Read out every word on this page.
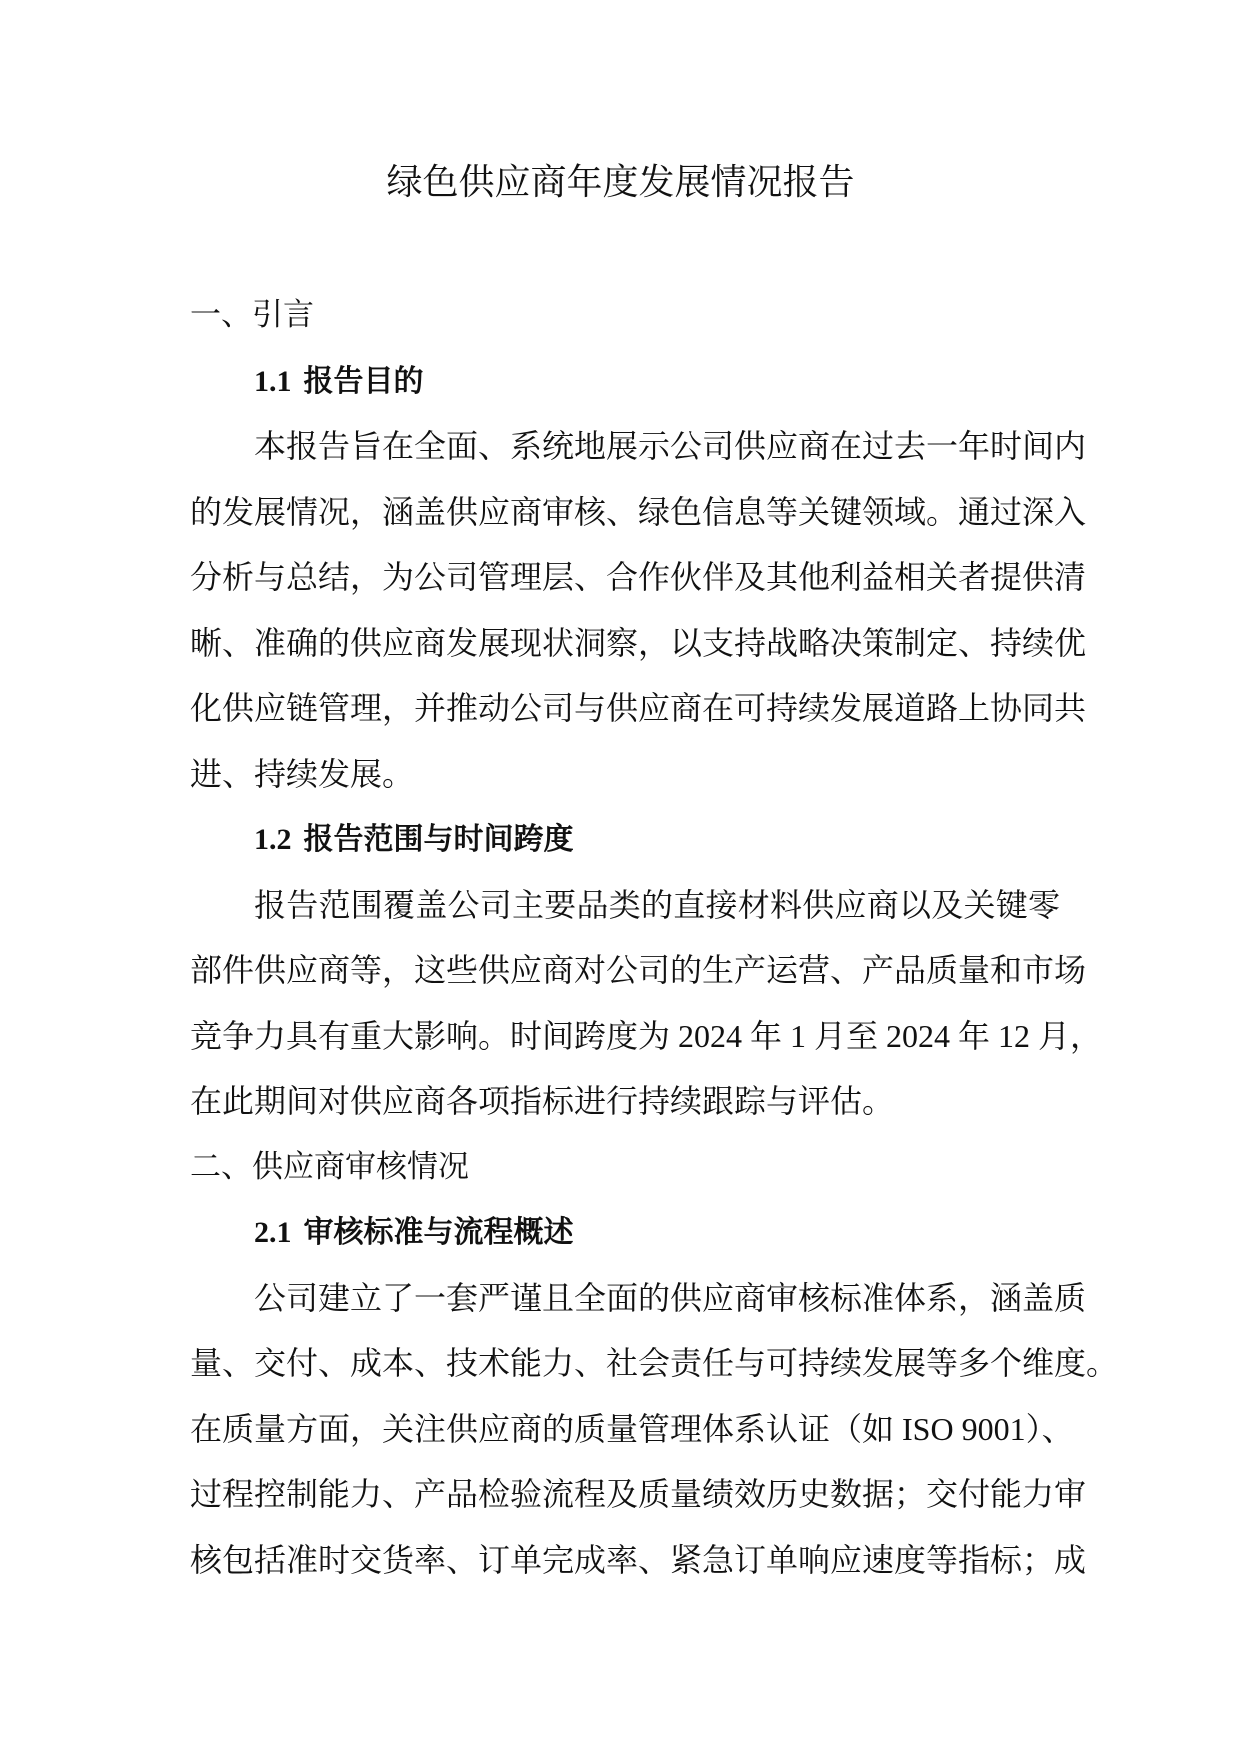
绿色供应商年度发展情况报告
一、引言
1.1 报告目的
本报告旨在全面、系统地展示公司供应商在过去一年时间内
的发展情况，涵盖供应商审核、绿色信息等关键领域。通过深入
分析与总结，为公司管理层、合作伙伴及其他利益相关者提供清
晰、准确的供应商发展现状洞察，以支持战略决策制定、持续优
化供应链管理，并推动公司与供应商在可持续发展道路上协同共
进、持续发展。
1.2 报告范围与时间跨度
报告范围覆盖公司主要品类的直接材料供应商以及关键零
部件供应商等，这些供应商对公司的生产运营、产品质量和市场
竞争力具有重大影响。时间跨度为 2024 年 1 月至 2024 年 12 月，
在此期间对供应商各项指标进行持续跟踪与评估。
二、供应商审核情况
2.1 审核标准与流程概述
公司建立了一套严谨且全面的供应商审核标准体系，涵盖质
量、交付、成本、技术能力、社会责任与可持续发展等多个维度。
在质量方面，关注供应商的质量管理体系认证（如 ISO 9001）、
过程控制能力、产品检验流程及质量绩效历史数据；交付能力审
核包括准时交货率、订单完成率、紧急订单响应速度等指标；成
